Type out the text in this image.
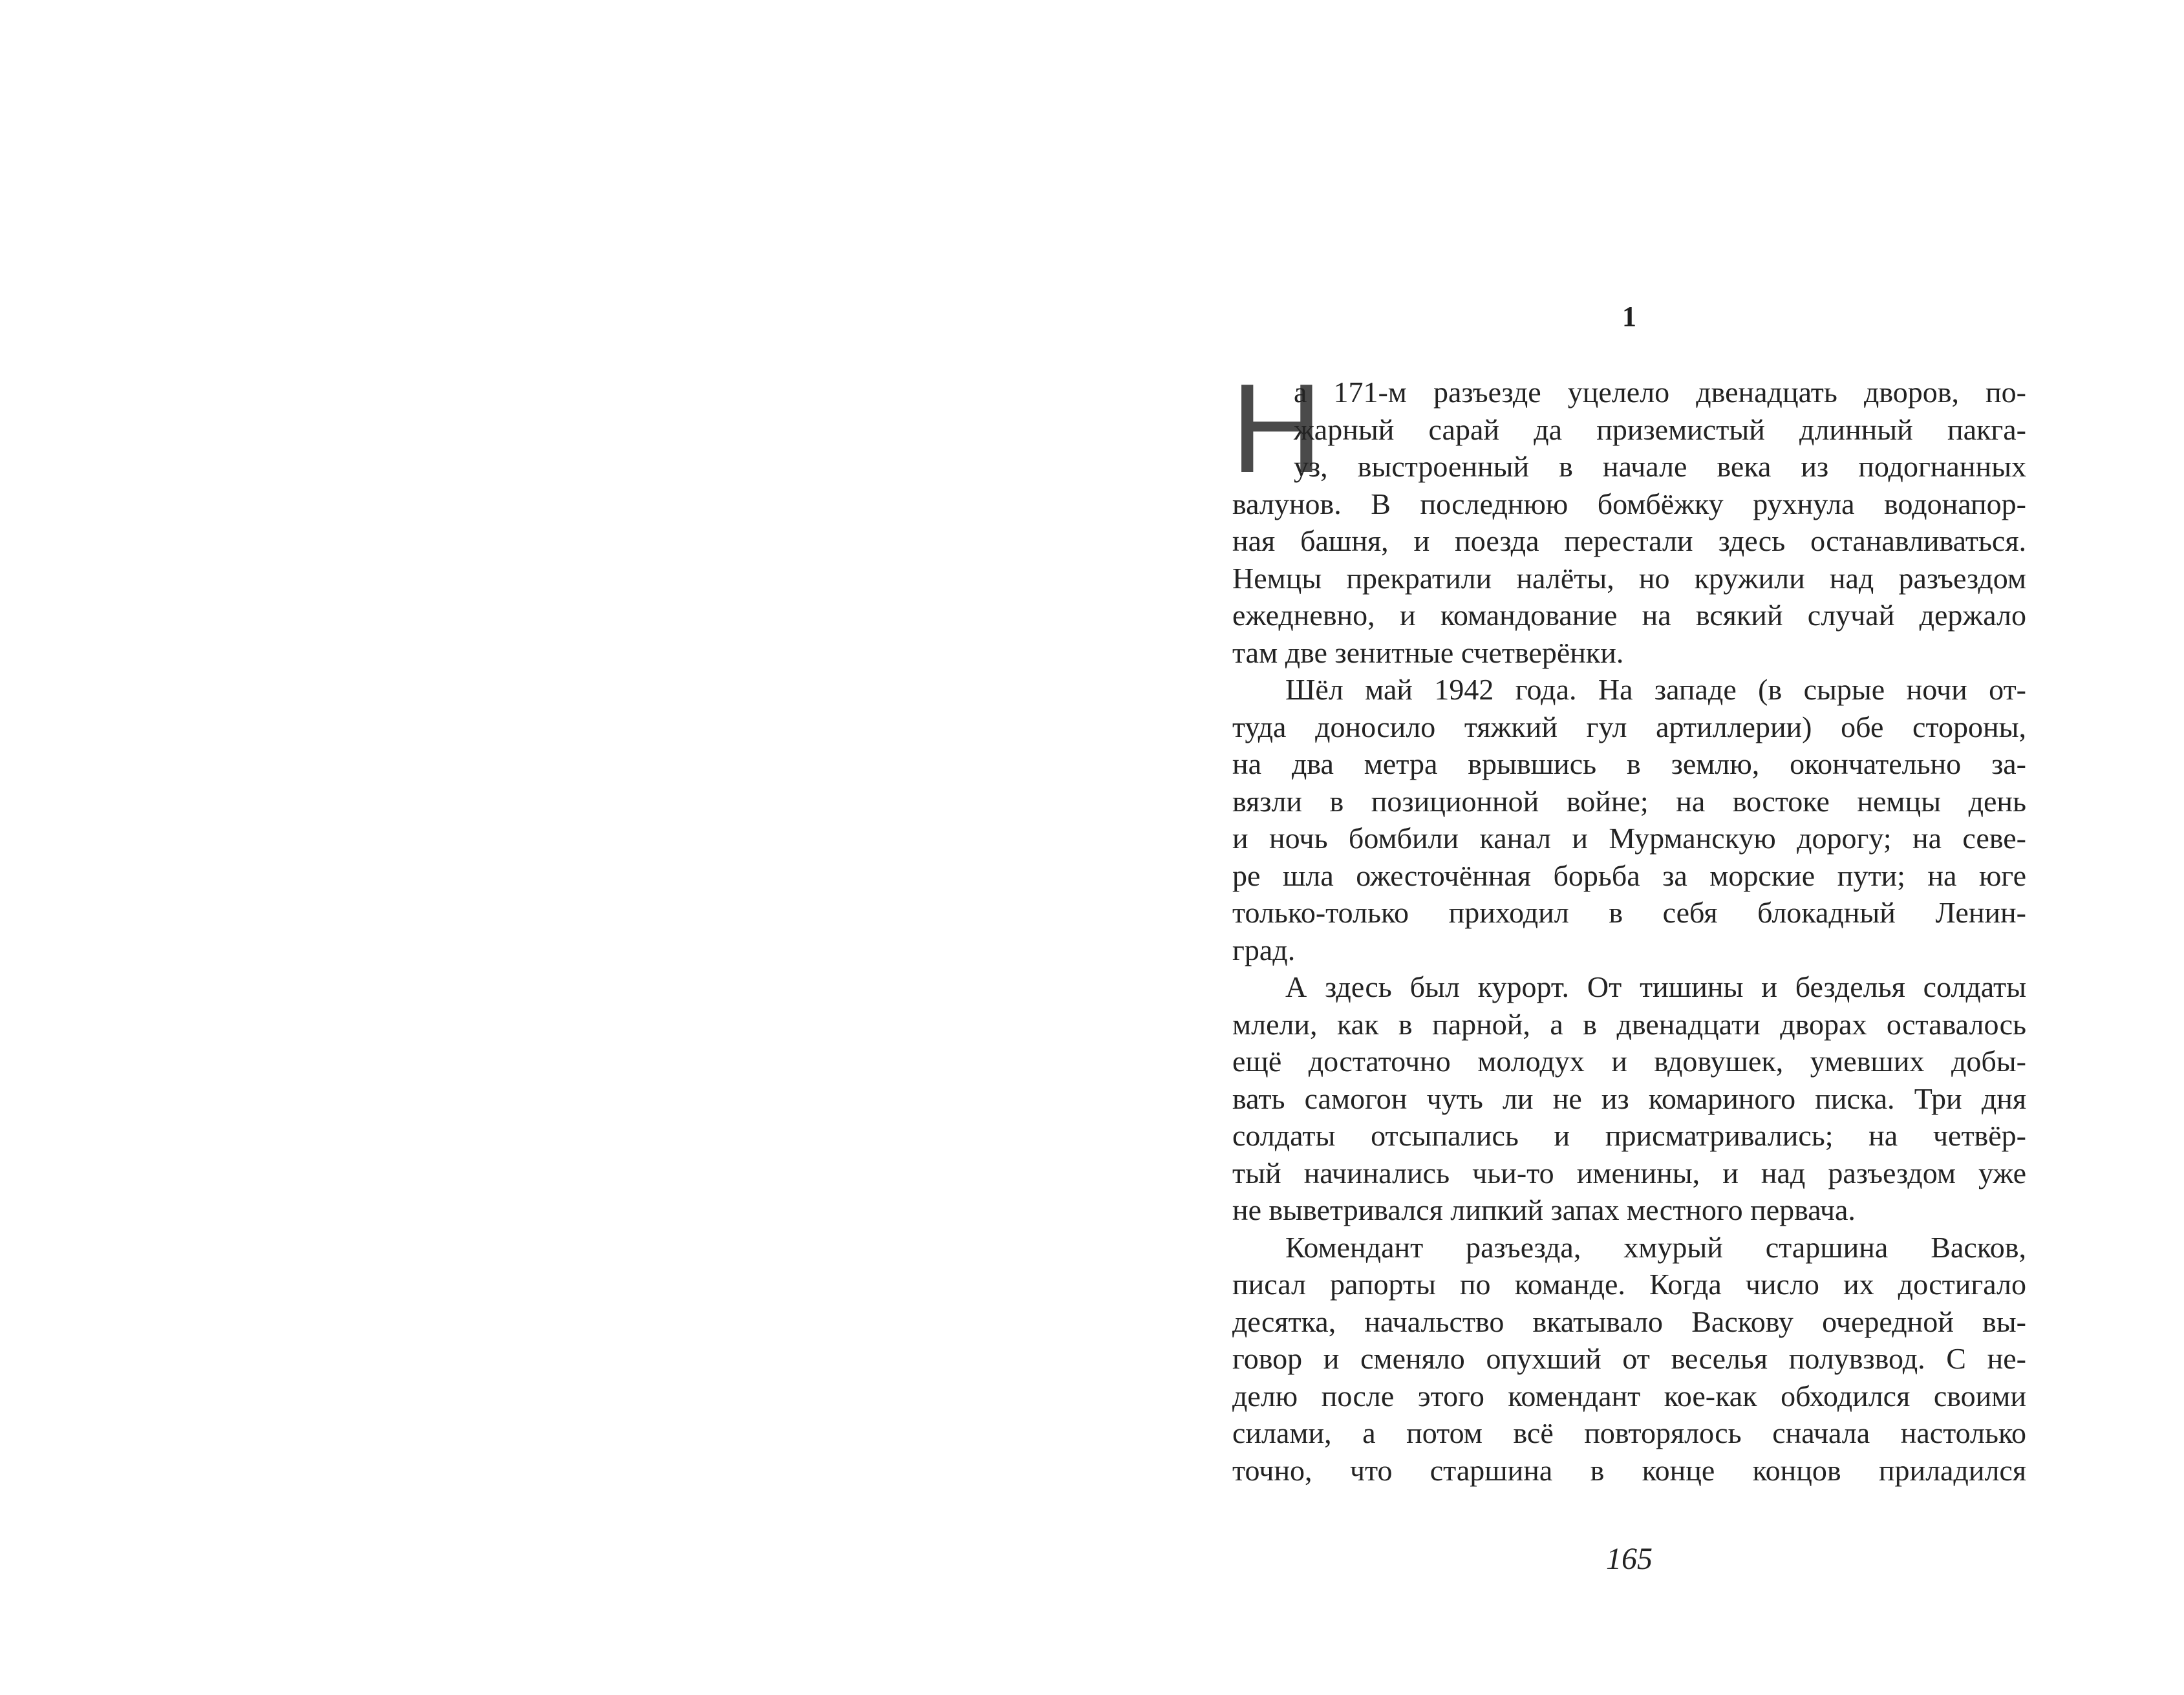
1
Н
а 171-м разъезде уцелело двенадцать дворов, по-
жарный сарай да приземистый длинный пакга-
уз, выстроенный в начале века из подогнанных
валунов. В последнюю бомбёжку рухнула водонапор-
ная башня, и поезда перестали здесь останавливаться.
Немцы прекратили налёты, но кружили над разъездом
ежедневно, и командование на всякий случай держало
там две зенитные счетверёнки.
Шёл май 1942 года. На западе (в сырые ночи от-
туда доносило тяжкий гул артиллерии) обе стороны,
на два метра врывшись в землю, окончательно за-
вязли в позиционной войне; на востоке немцы день
и ночь бомбили канал и Мурманскую дорогу; на севе-
ре шла ожесточённая борьба за морские пути; на юге
только-только приходил в себя блокадный Ленин-
град.
А здесь был курорт. От тишины и безделья солдаты
млели, как в парной, а в двенадцати дворах оставалось
ещё достаточно молодух и вдовушек, умевших добы-
вать самогон чуть ли не из комариного писка. Три дня
солдаты отсыпались и присматривались; на четвёр-
тый начинались чьи-то именины, и над разъездом уже
не выветривался липкий запах местного первача.
Комендант разъезда, хмурый старшина Васков,
писал рапорты по команде. Когда число их достигало
десятка, начальство вкатывало Васкову очередной вы-
говор и сменяло опухший от веселья полувзвод. С не-
делю после этого комендант кое-как обходился своими
силами, а потом всё повторялось сначала настолько
точно, что старшина в конце концов приладился
165
